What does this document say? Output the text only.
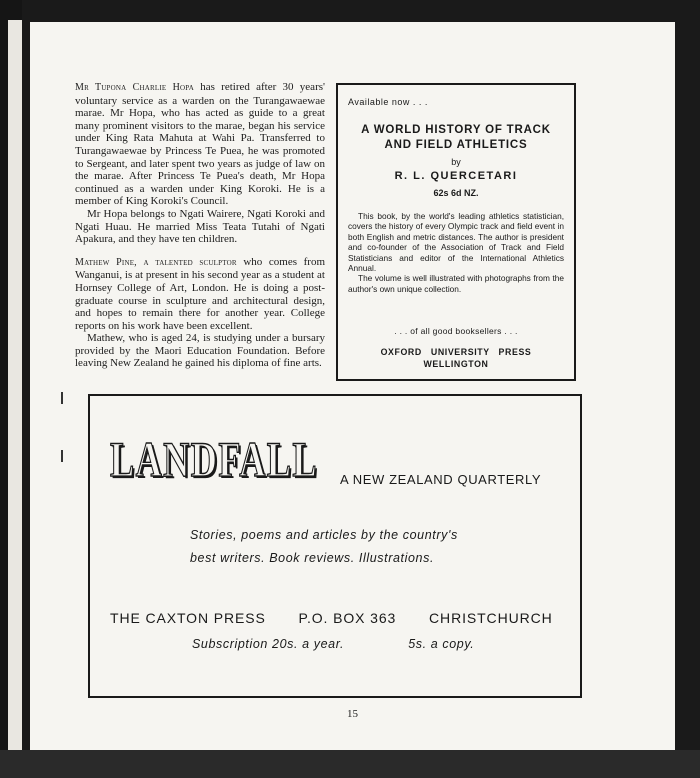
Mr Tupona Charlie Hopa has retired after 30 years' voluntary service as a warden on the Turangawaewae marae. Mr Hopa, who has acted as guide to a great many prominent visitors to the marae, began his service under King Rata Mahuta at Wahi Pa. Transferred to Turangawaewae by Princess Te Puea, he was promoted to Sergeant, and later spent two years as judge of law on the marae. After Princess Te Puea's death, Mr Hopa continued as a warden under King Koroki. He is a member of King Koroki's Council.

Mr Hopa belongs to Ngati Wairere, Ngati Koroki and Ngati Huau. He married Miss Teata Tutahi of Ngati Apakura, and they have ten children.

Mathew Pine, a talented sculptor who comes from Wanganui, is at present in his second year as a student at Hornsey College of Art, London. He is doing a post-graduate course in sculpture and architectural design, and hopes to remain there for another year. College reports on his work have been excellent.

Mathew, who is aged 24, is studying under a bursary provided by the Maori Education Foundation. Before leaving New Zealand he gained his diploma of fine arts.

Available now . . .
A WORLD HISTORY OF TRACK
AND FIELD ATHLETICS
by
R. L. QUERCETARI
62s 6d NZ.

This book, by the world's leading athletics statistician, covers the history of every Olympic track and field event in both English and metric distances. The author is president and co-founder of the Association of Track and Field Statisticians and editor of the International Athletics Annual.

The volume is well illustrated with photographs from the author's own unique collection.

. . . of all good booksellers . . .
OXFORD UNIVERSITY PRESS
WELLINGTON
LANDFALL
LANDFALL A NEW ZEALAND QUARTERLY
Stories, poems and articles by the country's
best writers. Book reviews. Illustrations.
THE CAXTON PRESS P.O. BOX 363 CHRISTCHURCH
Subscription 20s. a year.	5s. a copy.
15
